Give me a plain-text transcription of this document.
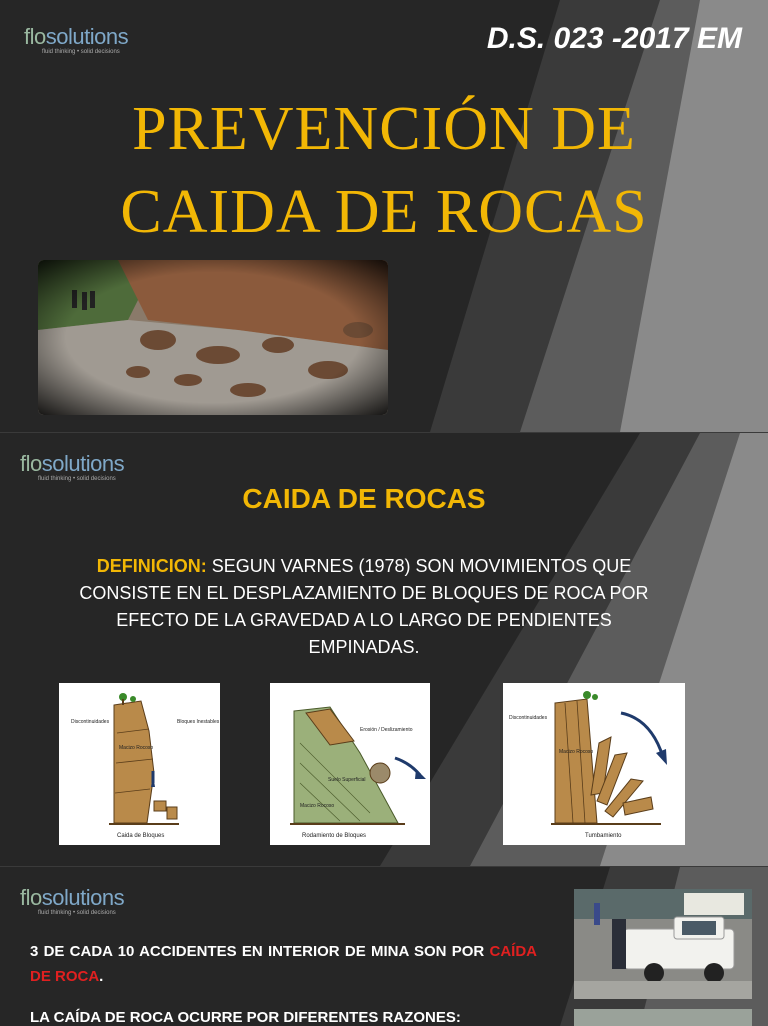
flosolutions
fluid thinking • solid decisions	D.S. 023 -2017 EM
PREVENCIÓN DE
CAIDA DE ROCAS
flosolutions
fluid thinking • solid decisions
CAIDA DE ROCAS
DEFINICION: SEGUN VARNES (1978) SON MOVIMIENTOS QUE CONSISTE EN EL DESPLAZAMIENTO DE BLOQUES DE ROCA POR EFECTO DE LA GRAVEDAD A LO LARGO DE PENDIENTES EMPINADAS.
Discontinuidades	Bloques Inestables
Macizo Rocoso
Caida de Bloques
Erosión / Deslizamiento
Suelo Superficial
Macizo Rocoso
Rodamiento de Bloques
Discontinuidades
Macizo Rocoso
Tumbamiento
flosolutions
fluid thinking • solid decisions

3 DE CADA 10 ACCIDENTES EN INTERIOR DE MINA SON POR CAÍDA DE ROCA.

LA CAÍDA DE ROCA OCURRE POR DIFERENTES RAZONES:
